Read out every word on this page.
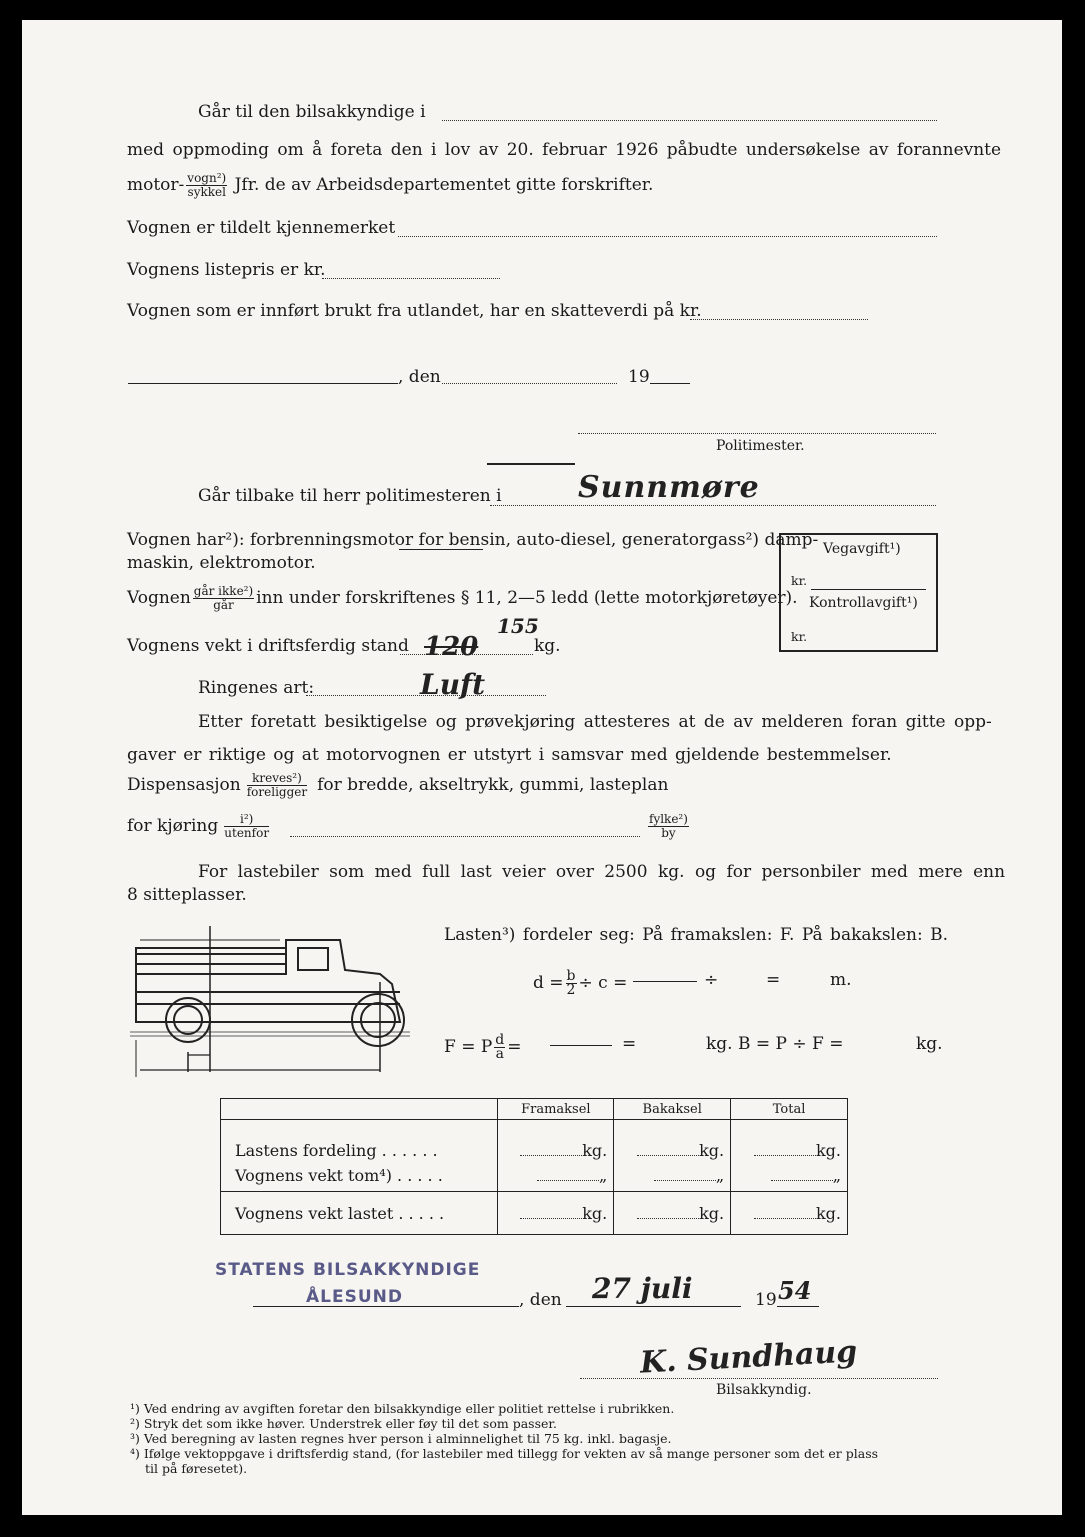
Går til den bilsakkyndige i
med oppmoding om å foreta den i lov av 20. februar 1926 påbudte undersøkelse av forannevnte
motor- $\frac{\text{vogn²)}}{\text{sykkel}}$ Jfr. de av Arbeidsdepartementet gitte forskrifter.
Vognen er tildelt kjennemerket
Vognens listepris er kr.
Vognen som er innført brukt fra utlandet, har en skatteverdi på kr.
, den	19
Politimester.
Går tilbake til herr politimesteren i	Sunnmøre
Vognen har²): forbrenningsmotor for bensin, auto-diesel, generatorgass²) damp-
maskin, elektromotor.
Vognen $\frac{\text{går ikke²)}}{\text{går}}$ inn under forskriftenes § 11, 2—5 ledd (lette motorkjøretøyer).
Vognens vekt i driftsferdig stand 120
155
kg.
Vegavgift¹)
kr.
Kontrollavgift¹)
kr.
Ringenes art:	Luft
Etter foretatt besiktigelse og prøvekjøring attesteres at de av melderen foran gitte opp-
gaver er riktige og at motorvognen er utstyrt i samsvar med gjeldende bestemmelser.
Dispensasjon $\frac{\text{kreves²)}}{\text{foreligger}}$ for bredde, akseltrykk, gummi, lasteplan
for kjøring $\frac{\text{i²)}}{\text{utenfor}}$	$\frac{\text{fylke²)}}{by}$
For lastebiler som med full last veier over 2500 kg. og for personbiler med mere enn
8 sitteplasser.
Lasten³) fordeler seg: På framakslen: F. På bakakslen: B.
$d = \frac{b}{2} \div c$ =	÷	=	m.
F = P $\frac{d}{a}$ =	=	kg. B = P ÷ F =	kg.
	Framaksel	Bakaksel	Total
Lastens fordeling . . . . . .	kg.	kg.	kg.
Vognens vekt tom⁴) . . . . .	„	„	„
Vognens vekt lastet . . . . .	kg.	kg.	kg.
STATENS BILSAKKYNDIGE
ÅLESUND	, den 27 juli	19 54
K. Sundhaug
Bilsakkyndig.
¹) Ved endring av avgiften foretar den bilsakkyndige eller politiet rettelse i rubrikken.
²) Stryk det som ikke høver. Understrek eller føy til det som passer.
³) Ved beregning av lasten regnes hver person i alminnelighet til 75 kg. inkl. bagasje.
⁴) Ifølge vektoppgave i driftsferdig stand, (for lastebiler med tillegg for vekten av så mange personer som det er plass
til på føresetet).
